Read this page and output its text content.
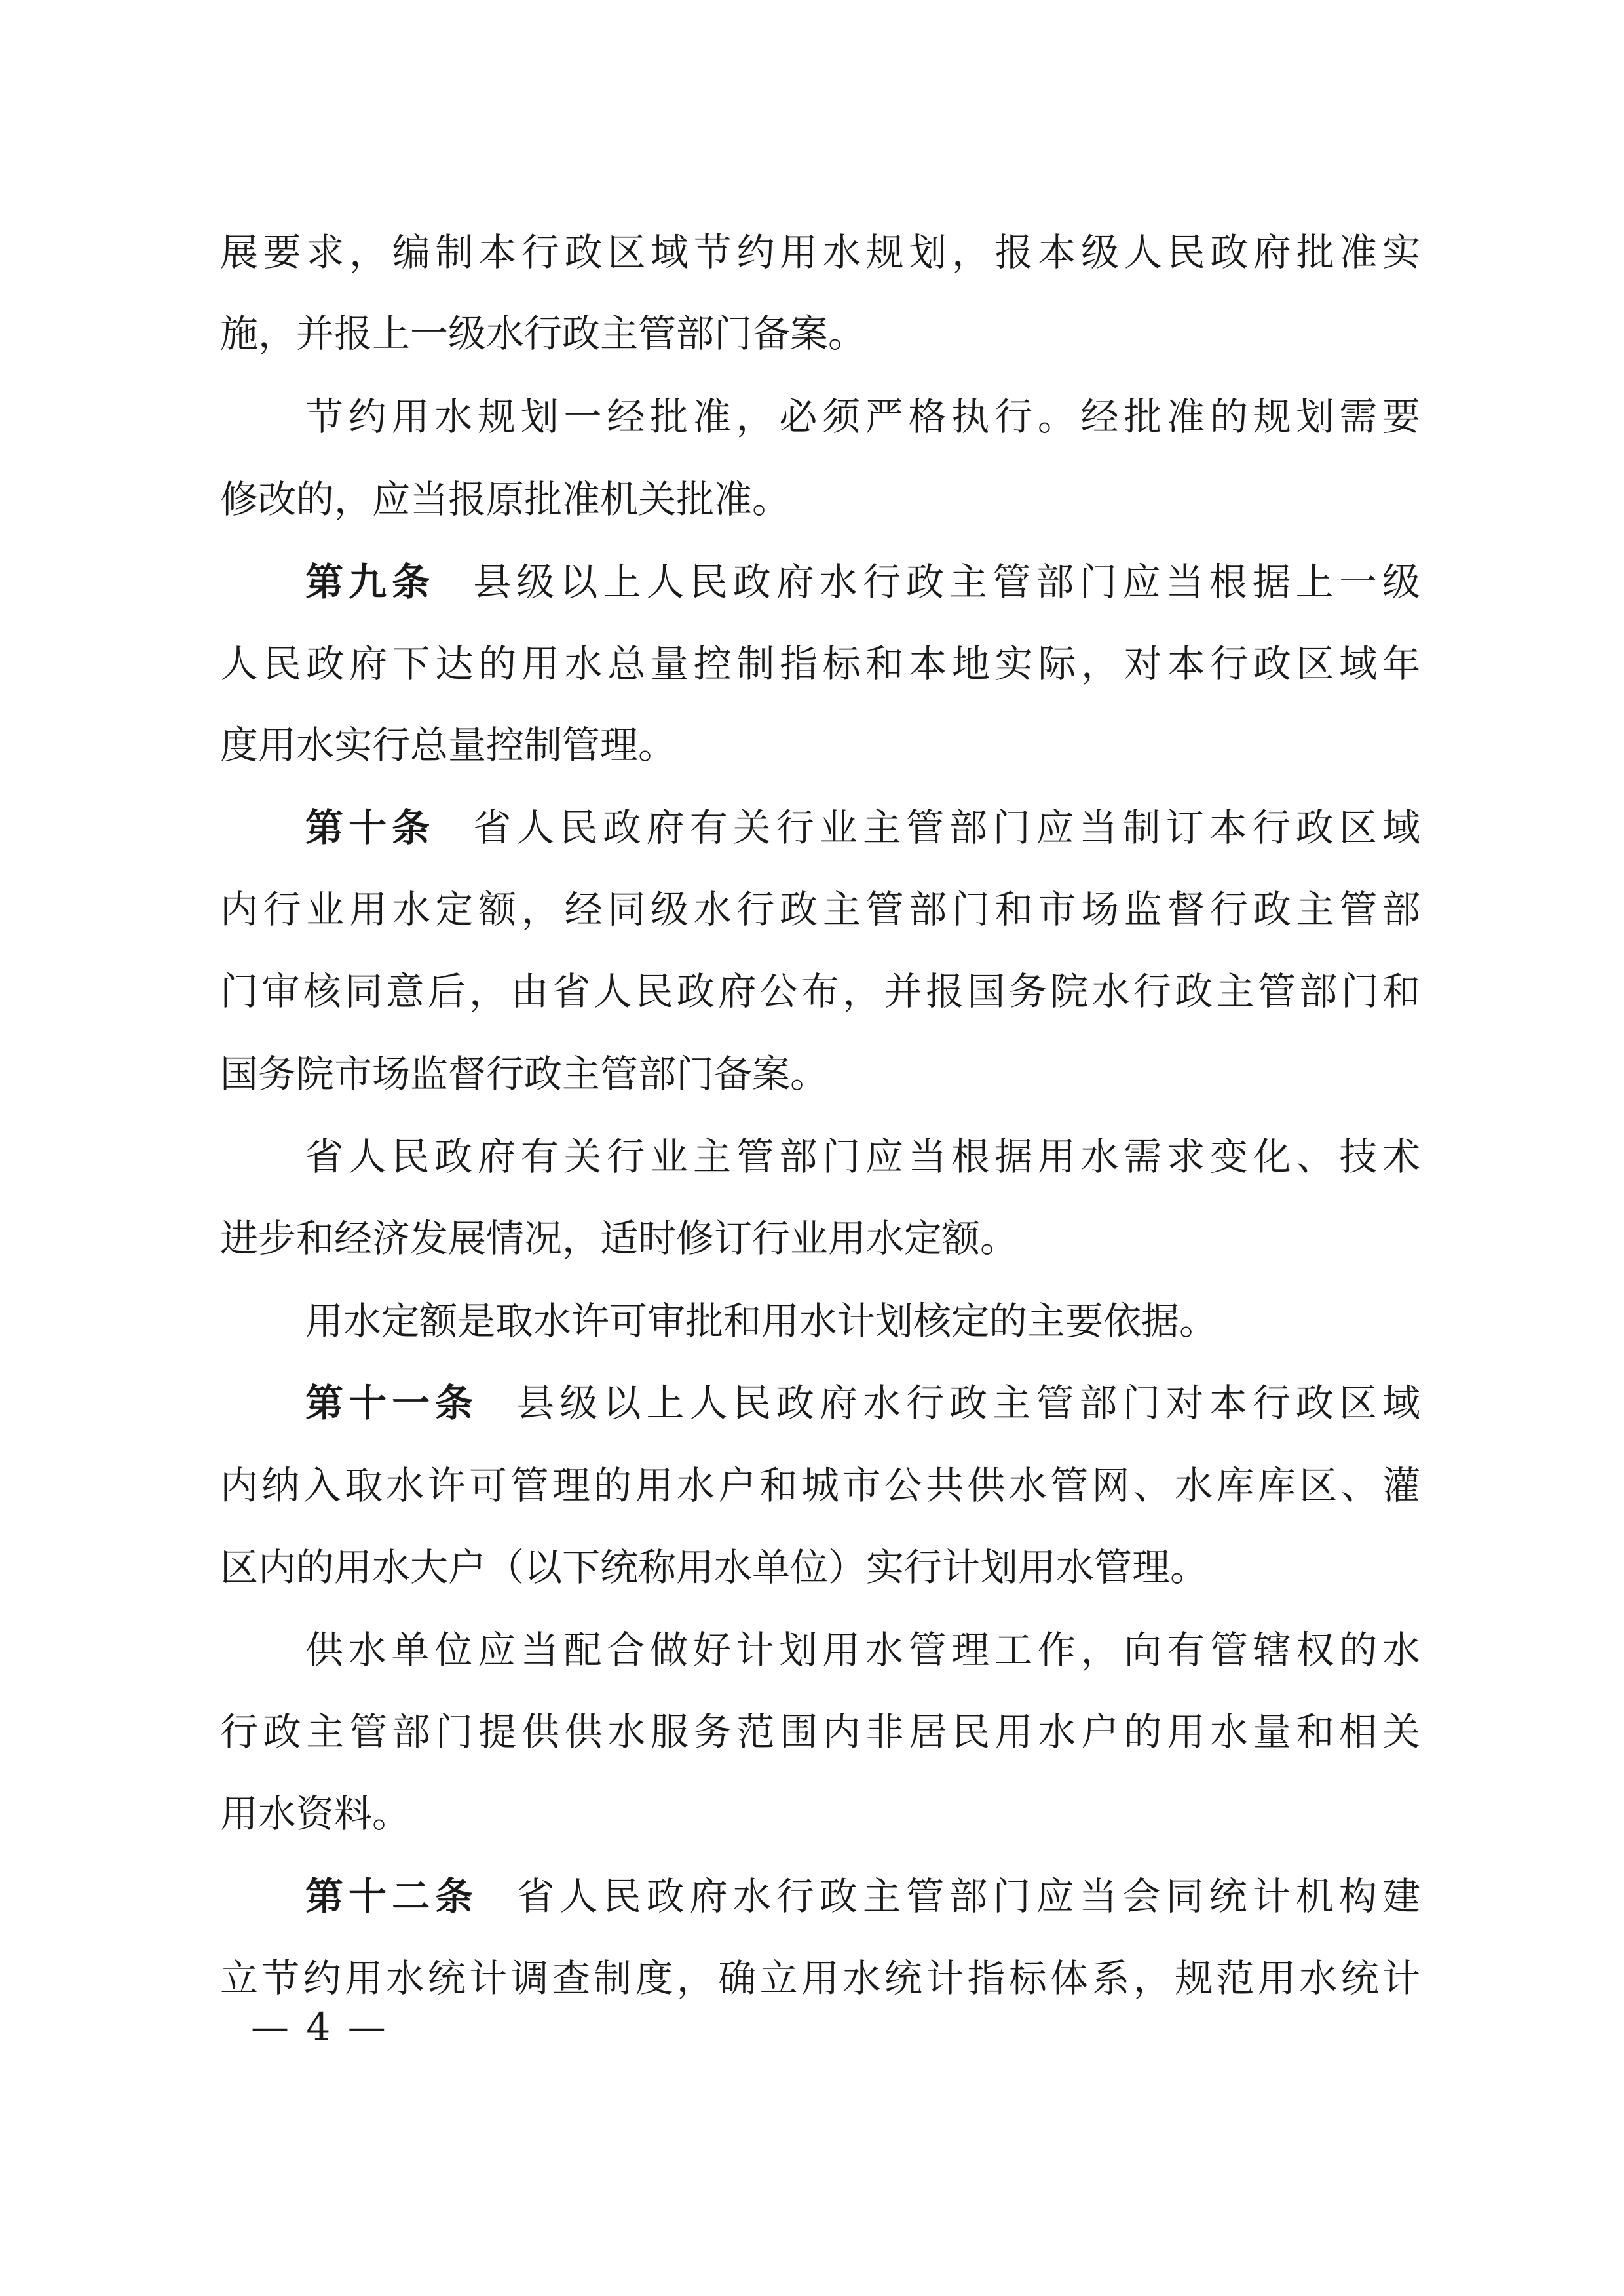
展要求，编制本行政区域节约用水规划，报本级人民政府批准实
施，并报上一级水行政主管部门备案。
节约用水规划一经批准，必须严格执行。经批准的规划需要
修改的，应当报原批准机关批准。
第九条 县级以上人民政府水行政主管部门应当根据上一级
人民政府下达的用水总量控制指标和本地实际，对本行政区域年
度用水实行总量控制管理。
第十条 省人民政府有关行业主管部门应当制订本行政区域
内行业用水定额，经同级水行政主管部门和市场监督行政主管部
门审核同意后，由省人民政府公布，并报国务院水行政主管部门和
国务院市场监督行政主管部门备案。
省人民政府有关行业主管部门应当根据用水需求变化、技术
进步和经济发展情况，适时修订行业用水定额。
用水定额是取水许可审批和用水计划核定的主要依据。
第十一条 县级以上人民政府水行政主管部门对本行政区域
内纳入取水许可管理的用水户和城市公共供水管网、水库库区、灌
区内的用水大户（以下统称用水单位）实行计划用水管理。
供水单位应当配合做好计划用水管理工作，向有管辖权的水
行政主管部门提供供水服务范围内非居民用水户的用水量和相关
用水资料。
第十二条 省人民政府水行政主管部门应当会同统计机构建
立节约用水统计调查制度，确立用水统计指标体系，规范用水统计
— 4 —
